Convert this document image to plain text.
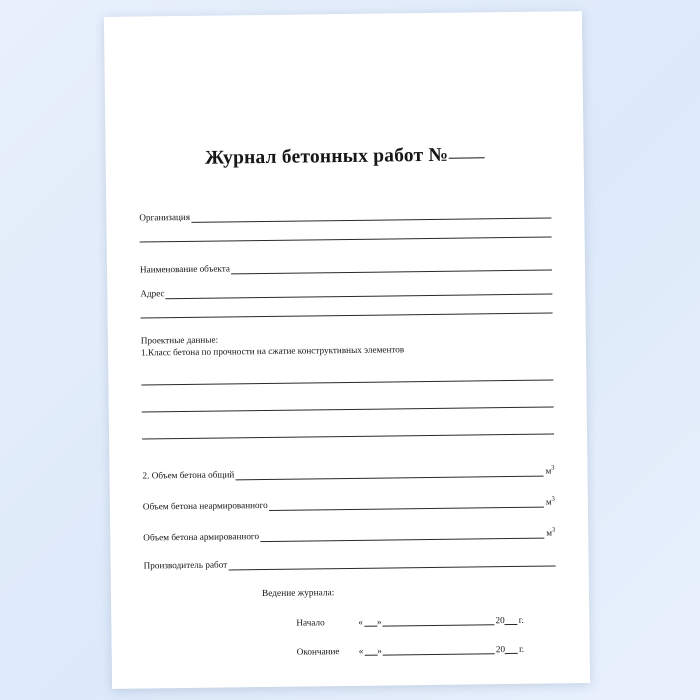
Журнал бетонных работ №
Организация
Наименование объекта
Адрес
Проектные данные:
1.Класс бетона по прочности на сжатие конструктивных элементов
2. Объем бетона общий	$м^3$
Объем бетона неармированного	$м^3$
Объем бетона армированного	$м^3$
Производитель работ
Ведение журнала:
Начало	« »	20 г.
Окончание	« »	20 г.
